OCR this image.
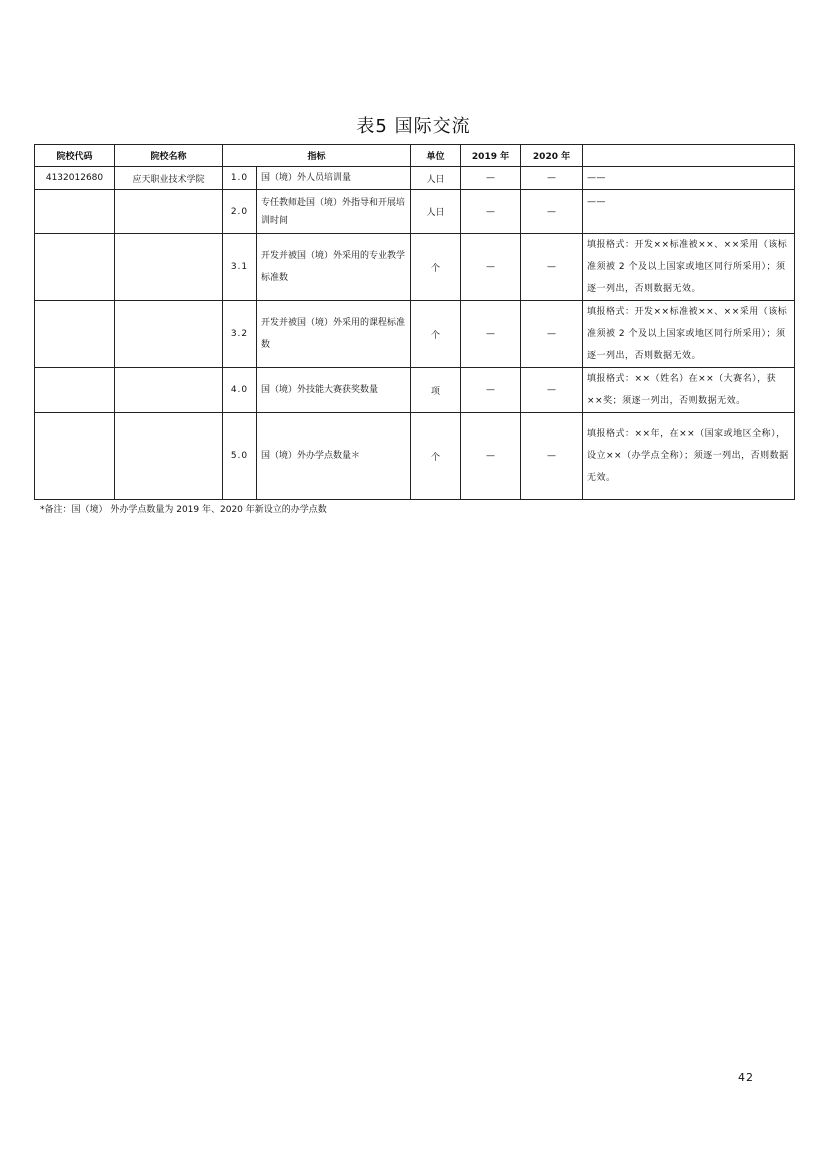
表5 国际交流
院校代码	院校名称	指标		单位	2019 年	2020 年	
4132012680	应天职业技术学院	1.0	国（境）外人员培训量	人日	—	—	——
		2.0	专任教师赴国（境）外指导和开展培训时间	人日	—	—	——
		3.1	开发并被国（境）外采用的专业教学标准数	个	—	—	填报格式：开发××标准被××、××采用（该标准须被 2 个及以上国家或地区同行所采用）；须逐一列出，否则数据无效。
		3.2	开发并被国（境）外采用的课程标准数	个	—	—	填报格式：开发××标准被××、××采用（该标准须被 2 个及以上国家或地区同行所采用）；须逐一列出，否则数据无效。
		4.0	国（境）外技能大赛获奖数量	项	—	—	填报格式：××（姓名）在××（大赛名），获××奖；须逐一列出，否则数据无效。
		5.0	国（境）外办学点数量＊	个	—	—	填报格式：××年，在××（国家或地区全称），设立××（办学点全称）；须逐一列出，否则数据无效。
*备注：国（境） 外办学点数量为 2019 年、2020 年新设立的办学点数
42
